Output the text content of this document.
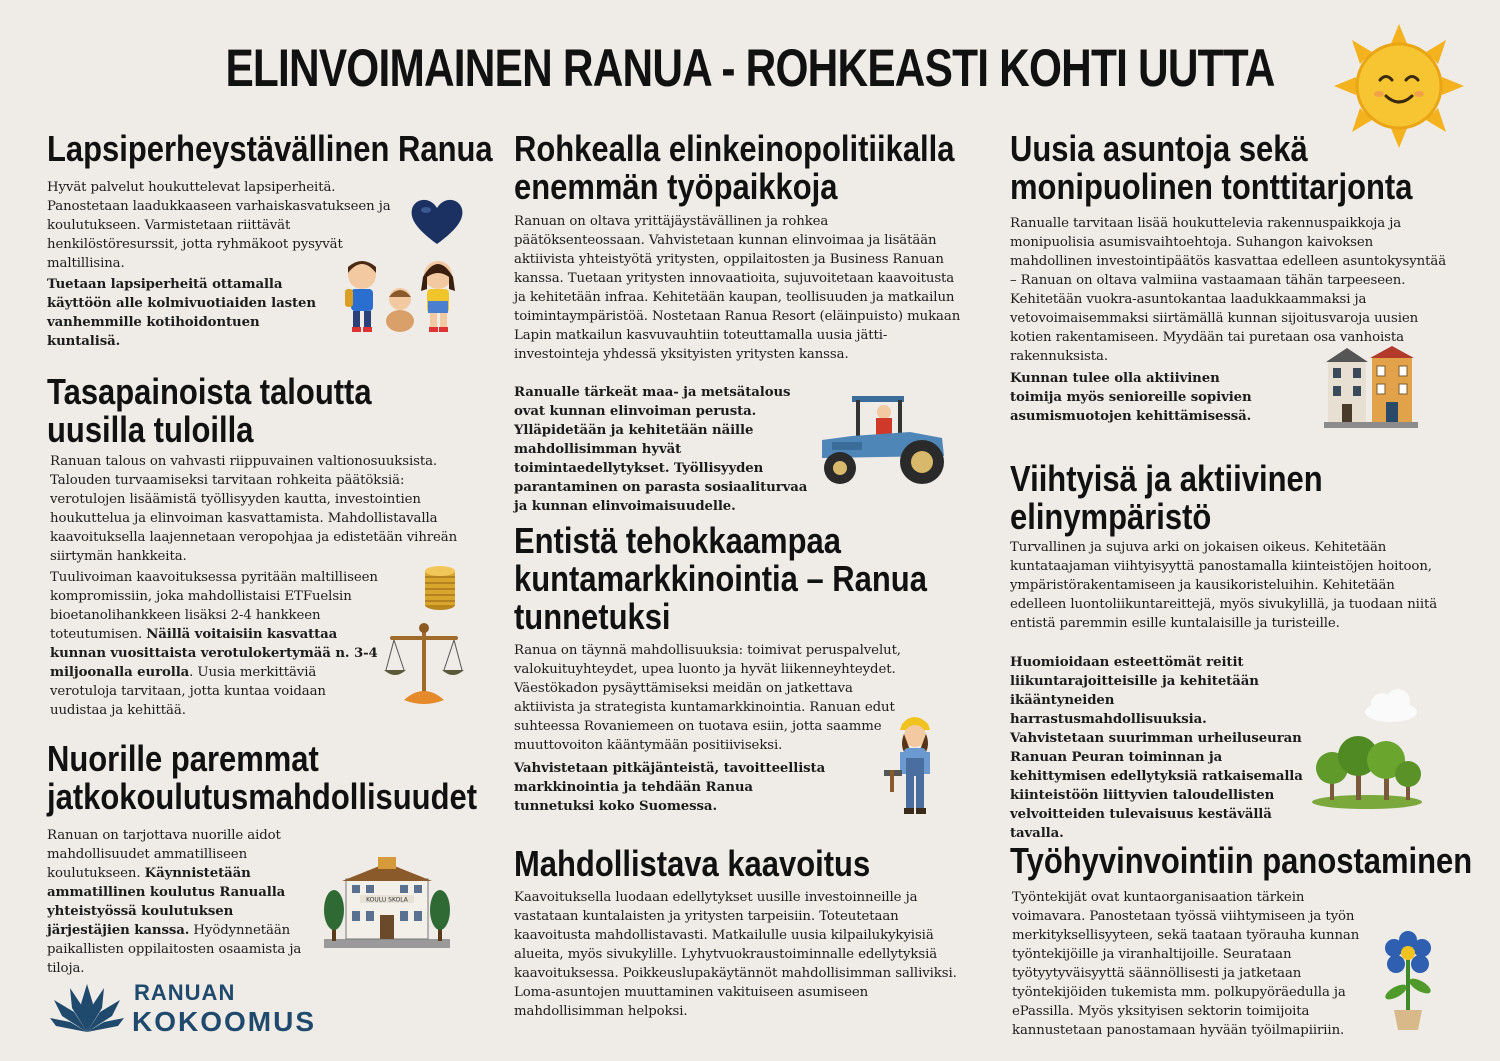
ELINVOIMAINEN RANUA - ROHKEASTI KOHTI UUTTA
Lapsiperheystävällinen Ranua
Hyvät palvelut houkuttelevat lapsiperheitä. Panostetaan laadukkaaseen varhaiskasvatukseen ja koulutukseen. Varmistetaan riittävät henkilöstöresurssit, jotta ryhmäkoot pysyvät maltillisina.
Tuetaan lapsiperheitä ottamalla käyttöön alle kolmivuotiaiden lasten vanhemmille kotihoidontuen kuntalisä.
Tasapainoista taloutta
uusilla tuloilla
Ranuan talous on vahvasti riippuvainen valtionosuuksista. Talouden turvaamiseksi tarvitaan rohkeita päätöksiä: verotulojen lisäämistä työllisyyden kautta, investointien houkuttelua ja elinvoiman kasvattamista. Mahdollistavalla kaavoituksella laajennetaan veropohjaa ja edistetään vihreän siirtymän hankkeita.
Tuulivoiman kaavoituksessa pyritään maltilliseen kompromissiin, joka mahdollistaisi ETFuelsin bioetanolihankkeen lisäksi 2-4 hankkeen toteutumisen. Näillä voitaisiin kasvattaa kunnan vuosittaista verotulokertymää n. 3-4 miljoonalla eurolla. Uusia merkittäviä verotuloja tarvitaan, jotta kuntaa voidaan uudistaa ja kehittää.
Nuorille paremmat
jatkokoulutusmahdollisuudet
Ranuan on tarjottava nuorille aidot mahdollisuudet ammatilliseen koulutukseen. Käynnistetään ammatillinen koulutus Ranualla yhteistyössä koulutuksen järjestäjien kanssa. Hyödynnetään paikallisten oppilaitosten osaamista ja tiloja.
KOULU SKOLA
RANUAN
KOKOOMUS
Rohkealla elinkeinopolitiikalla
enemmän työpaikkoja
Ranuan on oltava yrittäjäystävällinen ja rohkea päätöksenteossaan. Vahvistetaan kunnan elinvoimaa ja lisätään aktiivista yhteistyötä yritysten, oppilaitosten ja Business Ranuan kanssa. Tuetaan yritysten innovaatioita, sujuvoitetaan kaavoitusta ja kehitetään infraa. Kehitetään kaupan, teollisuuden ja matkailun toimintaympäristöä. Nostetaan Ranua Resort (eläinpuisto) mukaan Lapin matkailun kasvuvauhtiin toteuttamalla uusia jätti-investointeja yhdessä yksityisten yritysten kanssa.
Ranualle tärkeät maa- ja metsätalous ovat kunnan elinvoiman perusta. Ylläpidetään ja kehitetään näille mahdollisimman hyvät toimintaedellytykset. Työllisyyden parantaminen on parasta sosiaaliturvaa ja kunnan elinvoimaisuudelle.
Entistä tehokkaampaa
kuntamarkkinointia – Ranua
tunnetuksi
Ranua on täynnä mahdollisuuksia: toimivat peruspalvelut, valokuituyhteydet, upea luonto ja hyvät liikenneyhteydet. Väestökadon pysäyttämiseksi meidän on jatkettava aktiivista ja strategista kuntamarkkinointia. Ranuan edut suhteessa Rovaniemeen on tuotava esiin, jotta saamme muuttovoiton kääntymään positiiviseksi.
Vahvistetaan pitkäjänteistä, tavoitteellista markkinointia ja tehdään Ranua tunnetuksi koko Suomessa.
Mahdollistava kaavoitus
Kaavoituksella luodaan edellytykset uusille investoinneille ja vastataan kuntalaisten ja yritysten tarpeisiin. Toteutetaan kaavoitusta mahdollistavasti. Matkailulle uusia kilpailukykyisiä alueita, myös sivukylille. Lyhytvuokraustoiminnalle edellytyksiä kaavoituksessa. Poikkeuslupakäytännöt mahdollisimman salliviksi. Loma-asuntojen muuttaminen vakituiseen asumiseen mahdollisimman helpoksi.
Uusia asuntoja sekä
monipuolinen tonttitarjonta
Ranualle tarvitaan lisää houkuttelevia rakennuspaikkoja ja monipuolisia asumisvaihtoehtoja. Suhangon kaivoksen mahdollinen investointipäätös kasvattaa edelleen asuntokysyntää – Ranuan on oltava valmiina vastaamaan tähän tarpeeseen. Kehitetään vuokra-asuntokantaa laadukkaammaksi ja vetovoimaisemmaksi siirtämällä kunnan sijoitusvaroja uusien kotien rakentamiseen. Myydään tai puretaan osa vanhoista rakennuksista.
Kunnan tulee olla aktiivinen toimija myös senioreille sopivien asumismuotojen kehittämisessä.
Viihtyisä ja aktiivinen
elinympäristö
Turvallinen ja sujuva arki on jokaisen oikeus. Kehitetään kuntataajaman viihtyisyyttä panostamalla kiinteistöjen hoitoon, ympäristörakentamiseen ja kausikoristeluihin. Kehitetään edelleen luontoliikuntareittejä, myös sivukylillä, ja tuodaan niitä entistä paremmin esille kuntalaisille ja turisteille.
Huomioidaan esteettömät reitit liikuntarajoitteisille ja kehitetään ikääntyneiden harrastusmahdollisuuksia. Vahvistetaan suurimman urheiluseuran Ranuan Peuran toiminnan ja kehittymisen edellytyksiä ratkaisemalla kiinteistöön liittyvien taloudellisten velvoitteiden tulevaisuus kestävällä tavalla.
Työhyvinvointiin panostaminen
Työntekijät ovat kuntaorganisaation tärkein voimavara. Panostetaan työssä viihtymiseen ja työn merkityksellisyyteen, sekä taataan työrauha kunnan työntekijöille ja viranhaltijoille. Seurataan työtyytyväisyyttä säännöllisesti ja jatketaan työntekijöiden tukemista mm. polkupyöräedulla ja ePassilla. Myös yksityisen sektorin toimijoita kannustetaan panostamaan hyvään työilmapiiriin.
